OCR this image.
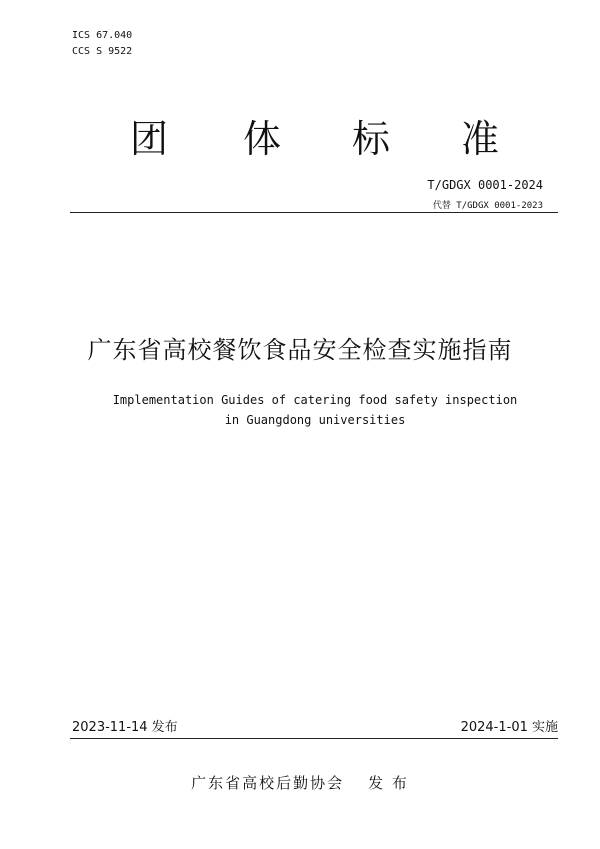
ICS 67.040
CCS S 9522
团 体 标 准
T/GDGX 0001-2024
代替 T/GDGX 0001-2023
广东省高校餐饮食品安全检查实施指南
Implementation Guides of catering food safety inspection
in Guangdong universities
2023-11-14 发布	2024-1-01 实施
广东省高校后勤协会 发 布
